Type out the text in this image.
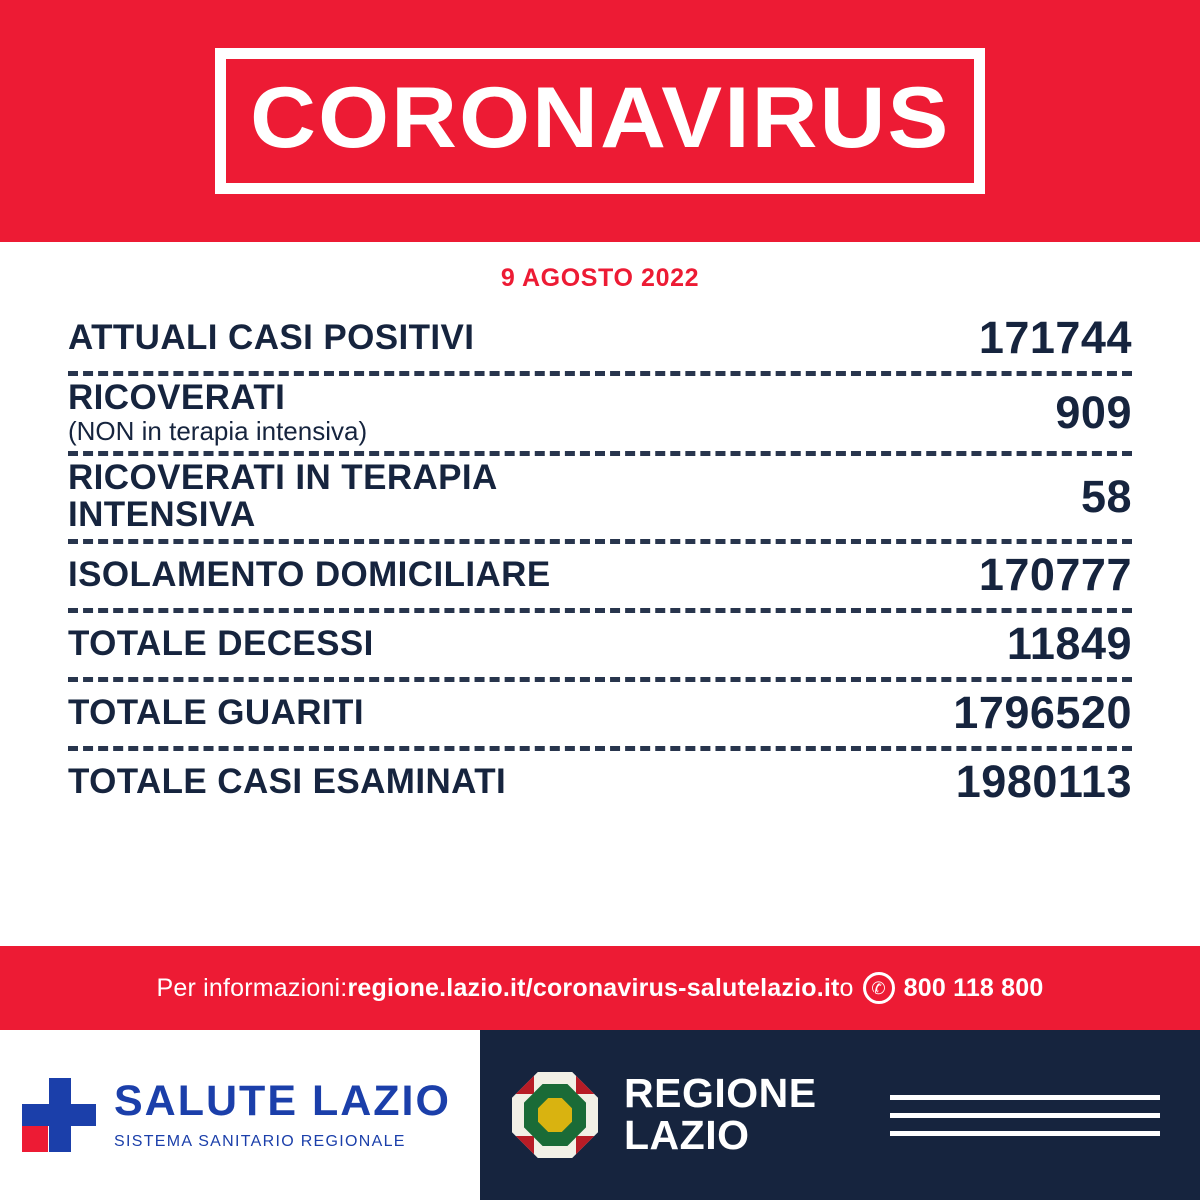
CORONAVIRUS
9 AGOSTO 2022
ATTUALI CASI POSITIVI	171744
RICOVERATI
(NON in terapia intensiva)	909
RICOVERATI IN TERAPIA INTENSIVA	58
ISOLAMENTO DOMICILIARE	170777
TOTALE DECESSI	11849
TOTALE GUARITI	1796520
TOTALE CASI ESAMINATI	1980113
Per informazioni: regione.lazio.it/coronavirus - salutelazio.it o	✆ 800 118 800
SALUTE LAZIO
SISTEMA SANITARIO REGIONALE
REGIONE
LAZIO
